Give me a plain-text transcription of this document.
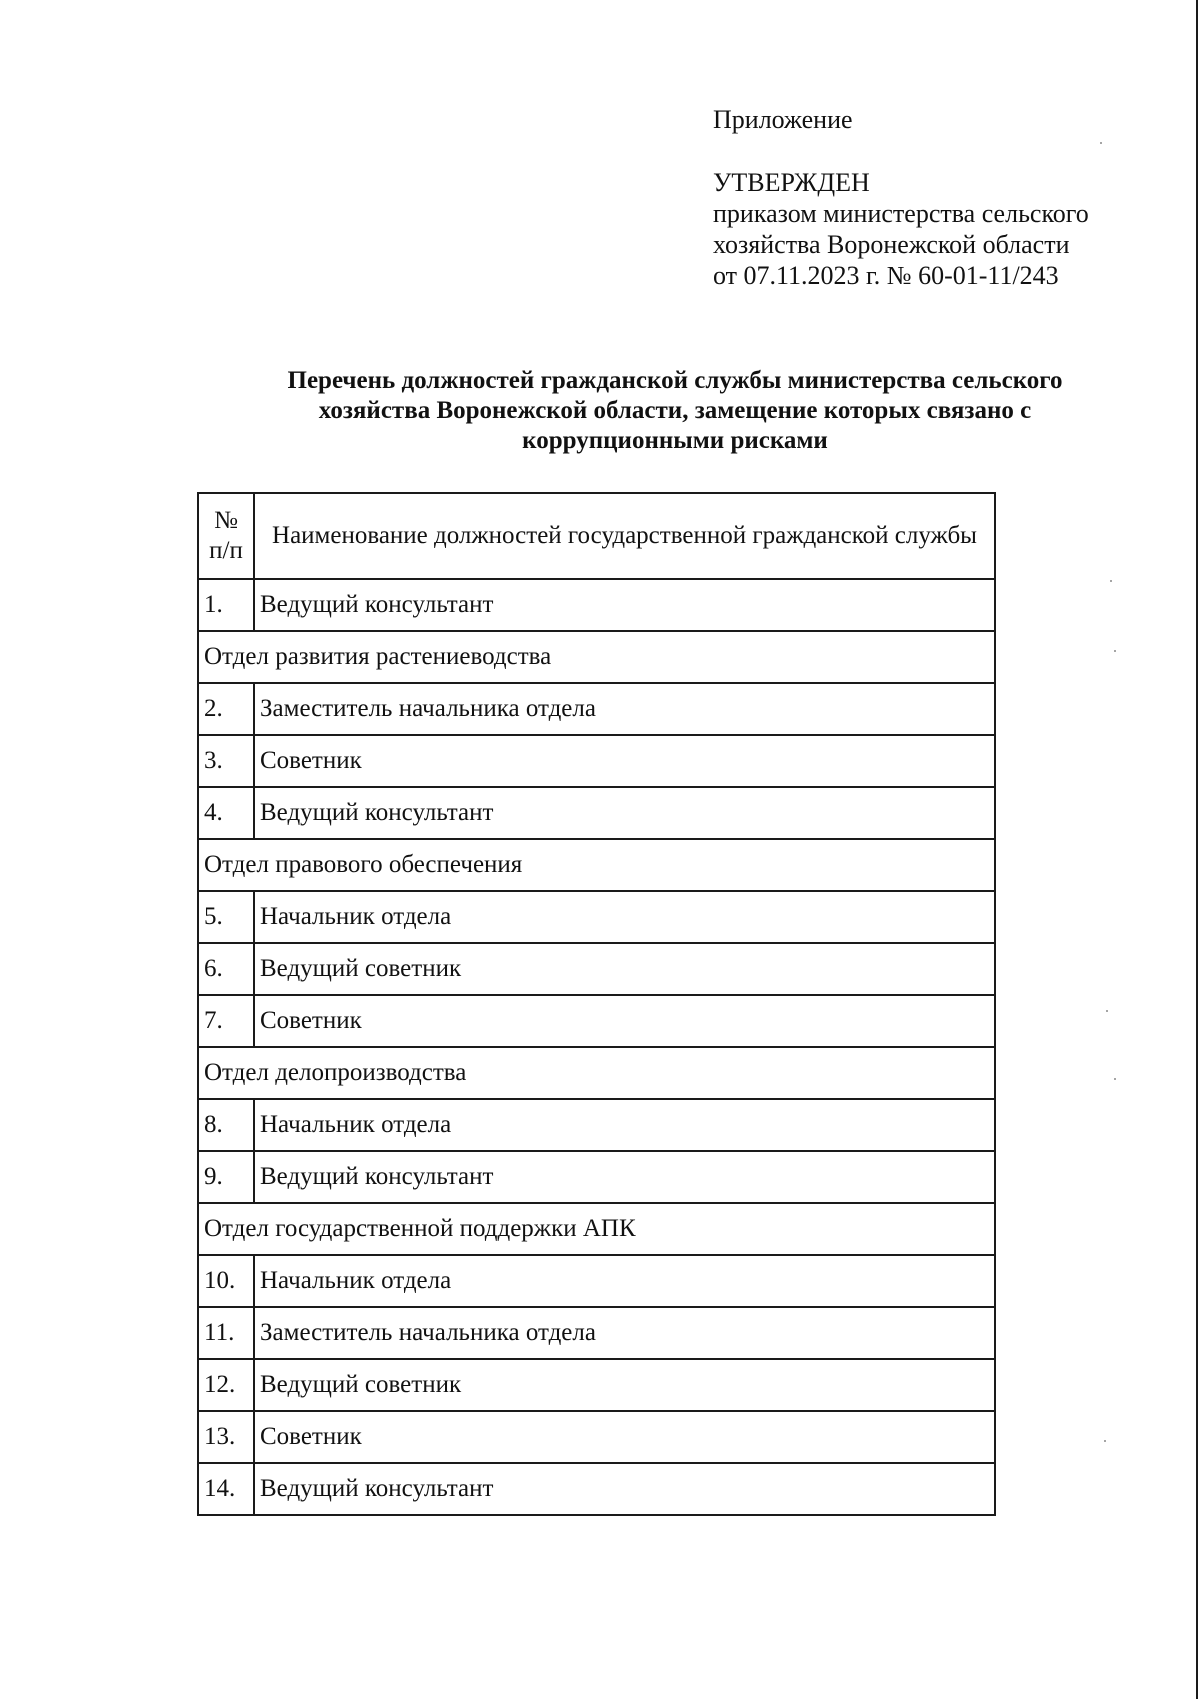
Приложение

УТВЕРЖДЕН

приказом министерства сельского

хозяйства Воронежской области

от 07.11.2023 г. № 60-01-11/243

Перечень должностей гражданской службы министерства сельского
хозяйства Воронежской области, замещение которых связано с
коррупционными рисками
№ п/п	Наименование должностей государственной гражданской службы
1.	Ведущий консультант
Отдел развития растениеводства	
2.	Заместитель начальника отдела
3.	Советник
4.	Ведущий консультант
Отдел правового обеспечения	
5.	Начальник отдела
6.	Ведущий советник
7.	Советник
Отдел делопроизводства	
8.	Начальник отдела
9.	Ведущий консультант
Отдел государственной поддержки АПК	
10.	Начальник отдела
11.	Заместитель начальника отдела
12.	Ведущий советник
13.	Советник
14.	Ведущий консультант
